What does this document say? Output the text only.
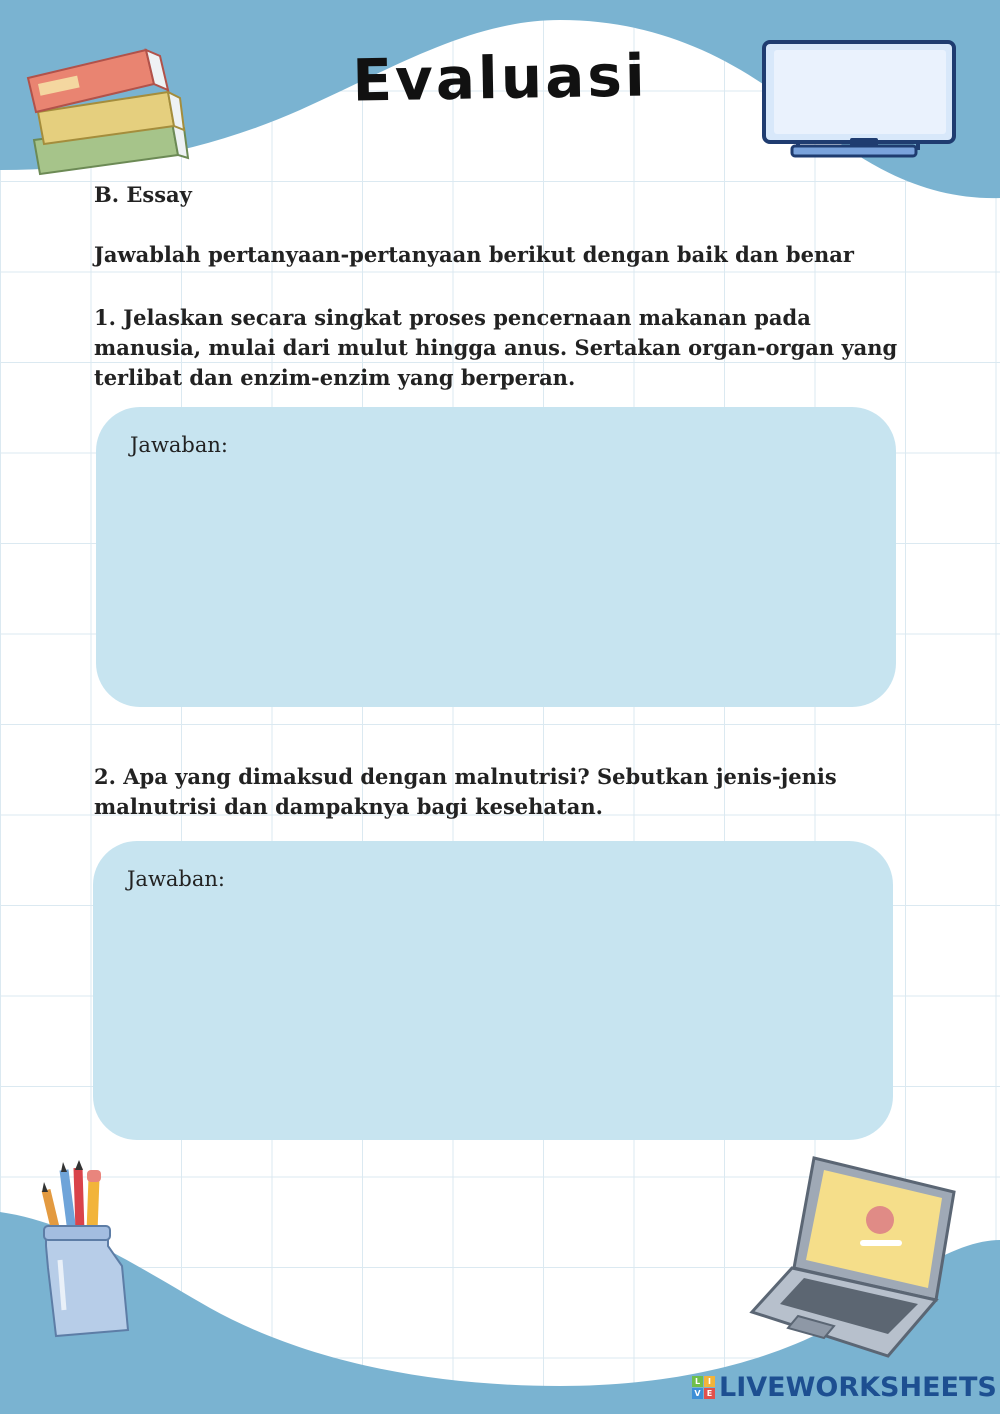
Evaluasi
B. Essay
Jawablah pertanyaan-pertanyaan berikut dengan baik dan benar
1. Jelaskan secara singkat proses pencernaan makanan pada manusia, mulai dari mulut hingga anus. Sertakan organ-organ yang terlibat dan enzim-enzim yang berperan.
Jawaban:
2. Apa yang dimaksud dengan malnutrisi? Sebutkan jenis-jenis malnutrisi dan dampaknya bagi kesehatan.
Jawaban:
L I
V E LIVEWORKSHEETS
